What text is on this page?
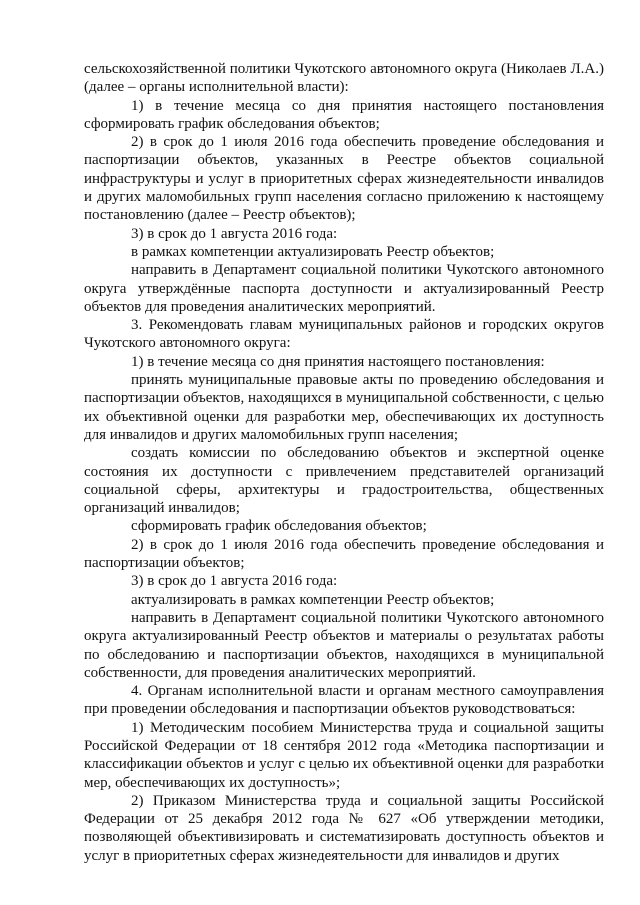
сельскохозяйственной политики Чукотского автономного округа (Николаев Л.А.) (далее – органы исполнительной власти):

1) в течение месяца со дня принятия настоящего постановления сформировать график обследования объектов;

2) в срок до 1 июля 2016 года обеспечить проведение обследования и паспортизации объектов, указанных в Реестре объектов социальной инфраструктуры и услуг в приоритетных сферах жизнедеятельности инвалидов и других маломобильных групп населения согласно приложению к настоящему постановлению (далее – Реестр объектов);

3) в срок до 1 августа 2016 года:

в рамках компетенции актуализировать Реестр объектов;

направить в Департамент социальной политики Чукотского автономного округа утверждённые паспорта доступности и актуализированный Реестр объектов для проведения аналитических мероприятий.

3. Рекомендовать главам муниципальных районов и городских округов Чукотского автономного округа:

1) в течение месяца со дня принятия настоящего постановления:

принять муниципальные правовые акты по проведению обследования и паспортизации объектов, находящихся в муниципальной собственности, с целью их объективной оценки для разработки мер, обеспечивающих их доступность для инвалидов и других маломобильных групп населения;

создать комиссии по обследованию объектов и экспертной оценке состояния их доступности с привлечением представителей организаций социальной сферы, архитектуры и градостроительства, общественных организаций инвалидов;

сформировать график обследования объектов;

2) в срок до 1 июля 2016 года обеспечить проведение обследования и паспортизации объектов;

3) в срок до 1 августа 2016 года:

актуализировать в рамках компетенции Реестр объектов;

направить в Департамент социальной политики Чукотского автономного округа актуализированный Реестр объектов и материалы о результатах работы по обследованию и паспортизации объектов, находящихся в муниципальной собственности, для проведения аналитических мероприятий.

4. Органам исполнительной власти и органам местного самоуправления при проведении обследования и паспортизации объектов руководствоваться:

1) Методическим пособием Министерства труда и социальной защиты Российской Федерации от 18 сентября 2012 года «Методика паспортизации и классификации объектов и услуг с целью их объективной оценки для разработки мер, обеспечивающих их доступность»;

2) Приказом Министерства труда и социальной защиты Российской Федерации от 25 декабря 2012 года № 627 «Об утверждении методики, позволяющей объективизировать и систематизировать доступность объектов и услуг в приоритетных сферах жизнедеятельности для инвалидов и других
